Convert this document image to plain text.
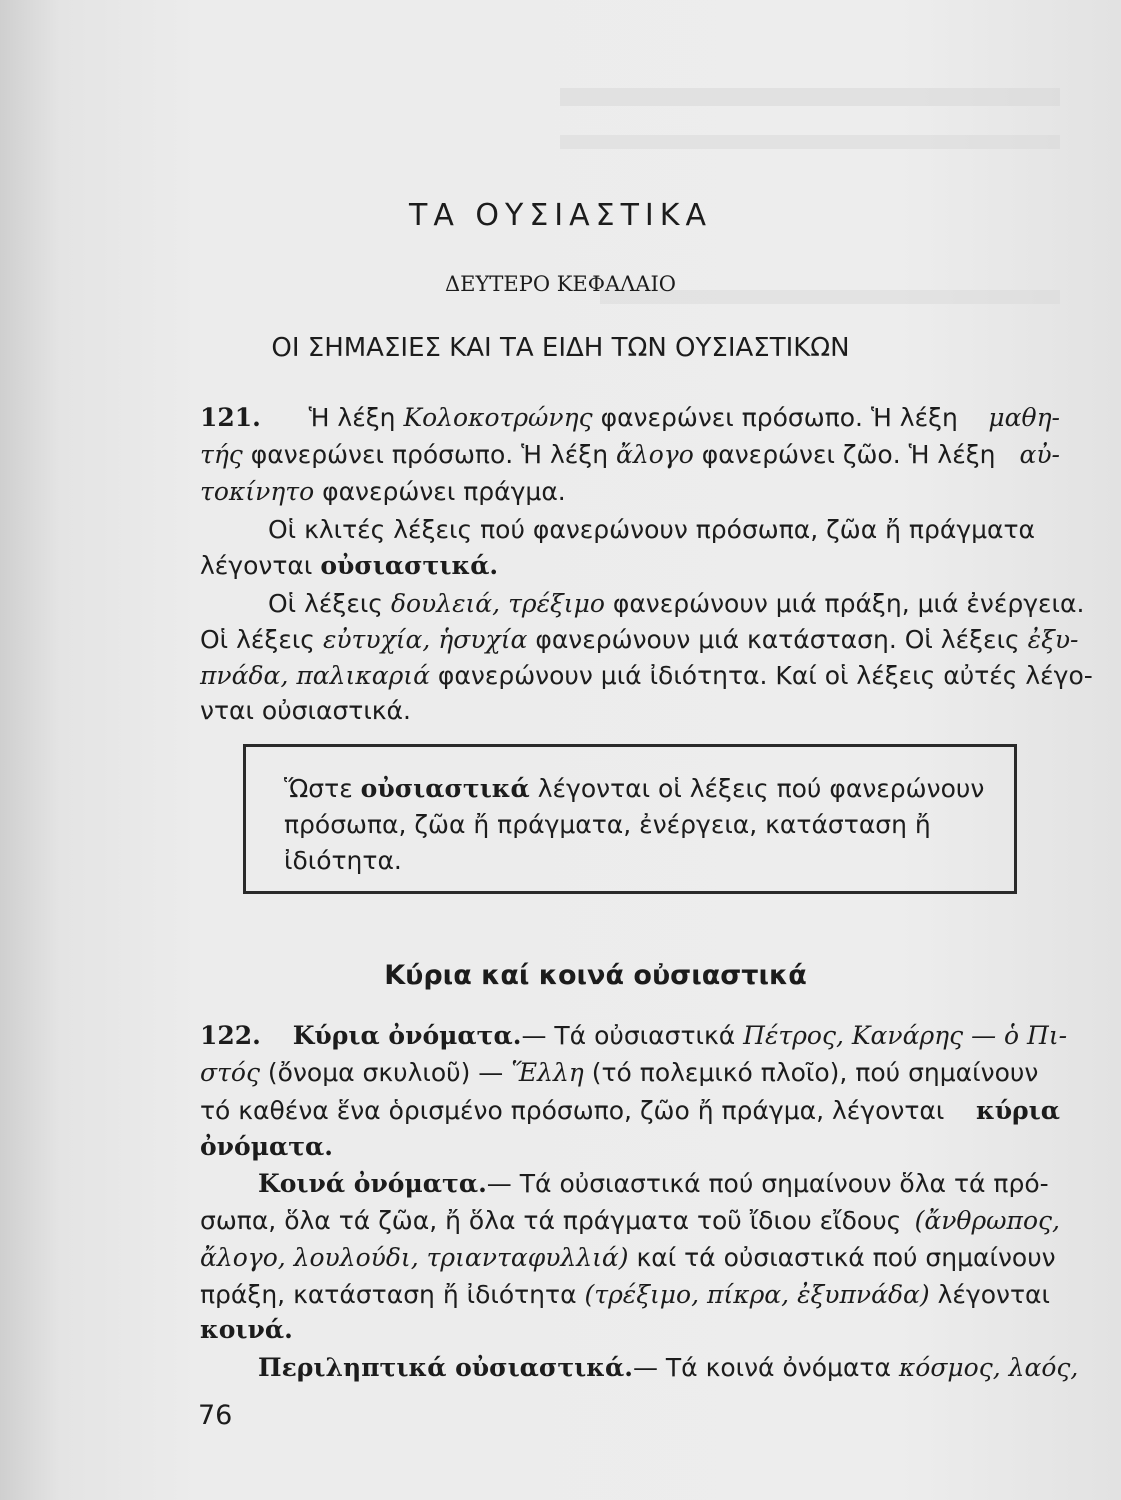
ΤΑ ΟΥΣΙΑΣΤΙΚΑ
ΔΕΥΤΕΡΟ ΚΕΦΑΛΑΙΟ
ΟΙ ΣΗΜΑΣΙΕΣ ΚΑΙ ΤΑ ΕΙΔΗ ΤΩΝ ΟΥΣΙΑΣΤΙΚΩΝ
121. Ἡ λέξη Κολοκοτρώνης φανερώνει πρόσωπο. Ἡ λέξη μαθη-
τής φανερώνει πρόσωπο. Ἡ λέξη ἄλογο φανερώνει ζῶο. Ἡ λέξη αὐ-
τοκίνητο φανερώνει πράγμα.
Οἱ κλιτές λέξεις πού φανερώνουν πρόσωπα, ζῶα ἤ πράγματα
λέγονται οὐσιαστικά.
Οἱ λέξεις δουλειά, τρέξιμο φανερώνουν μιά πράξη, μιά ἐνέργεια.
Οἱ λέξεις εὐτυχία, ἡσυχία φανερώνουν μιά κατάσταση. Οἱ λέξεις ἐξυ-
πνάδα, παλικαριά φανερώνουν μιά ἰδιότητα. Καί οἱ λέξεις αὐτές λέγο-
νται οὐσιαστικά.
Ὥστε οὐσιαστικά λέγονται οἱ λέξεις πού φανερώνουν
πρόσωπα, ζῶα ἤ πράγματα, ἐνέργεια, κατάσταση ἤ
ἰδιότητα.
Κύρια καί κοινά οὐσιαστικά
122. Κύρια ὀνόματα.— Τά οὐσιαστικά Πέτρος, Κανάρης — ὁ Πι-
στός (ὄνομα σκυλιοῦ) — Ἕλλη (τό πολεμικό πλοῖο), πού σημαίνουν
τό καθένα ἕνα ὁρισμένο πρόσωπο, ζῶο ἤ πράγμα, λέγονται κύρια
ὀνόματα.
Κοινά ὀνόματα.— Τά οὐσιαστικά πού σημαίνουν ὅλα τά πρό-
σωπα, ὅλα τά ζῶα, ἤ ὅλα τά πράγματα τοῦ ἴδιου εἴδους (ἄνθρωπος,
ἄλογο, λουλούδι, τριανταφυλλιά) καί τά οὐσιαστικά πού σημαίνουν
πράξη, κατάσταση ἤ ἰδιότητα (τρέξιμο, πίκρα, ἐξυπνάδα) λέγονται
κοινά.
Περιληπτικά οὐσιαστικά.— Τά κοινά ὀνόματα κόσμος, λαός,
76
